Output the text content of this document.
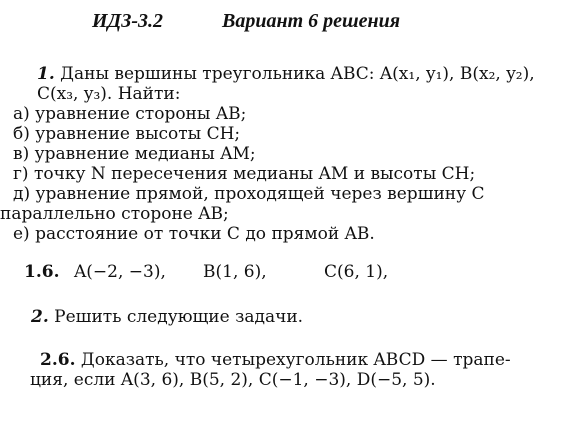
ИДЗ-3.2	Вариант 6 решения
1. Даны вершины треугольника ABC: A(x₁, y₁), B(x₂, y₂),
C(x₃, y₃). Найти:
а) уравнение стороны AB;
б) уравнение высоты CH;
в) уравнение медианы AM;
г) точку N пересечения медианы AM и высоты CH;
д) уравнение прямой, проходящей через вершину C
параллельно стороне AB;
е) расстояние от точки C до прямой AB.
1.6. A(−2, −3), B(1, 6),	C(6, 1),
2. Решить следующие задачи.
2.6. Доказать, что четырехугольник ABCD — трапе-
ция, если A(3, 6), B(5, 2), C(−1, −3), D(−5, 5).
